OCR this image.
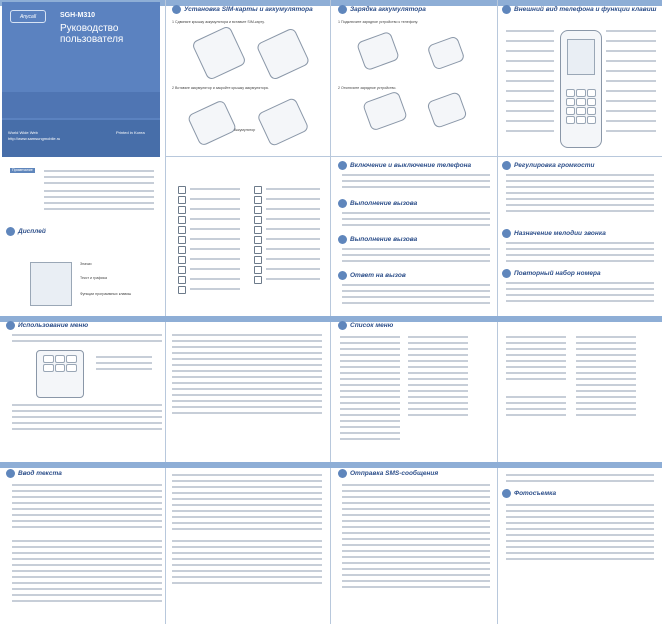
Anycall	SGH-M310
Руководство
пользователя
Printed in Korea
World Wide Web
http://www.samsungmobile.ru
Установка SIM-карты и аккумулятора	Зарядка аккумулятора	Внешний вид телефона и функции клавиш
1 Сдвиньте крышку аккумулятора и вставьте SIM-карту.
2 Вставьте аккумулятор и закройте крышку аккумулятора.
Аккумулятор
1 Подключите зарядное устройство к телефону.
2 Отключите зарядное устройство.
Примечание
Дисплей
Значки
Текст и графика
Функции программных клавиш
Включение и выключение телефона
Выполнение вызова
Выполнение вызова
Ответ на вызов
Регулировка громкости
Назначение мелодии звонка
Повторный набор номера
Использование меню	Список меню
Ввод текста	Отправка SMS-сообщения
Фотосъемка
